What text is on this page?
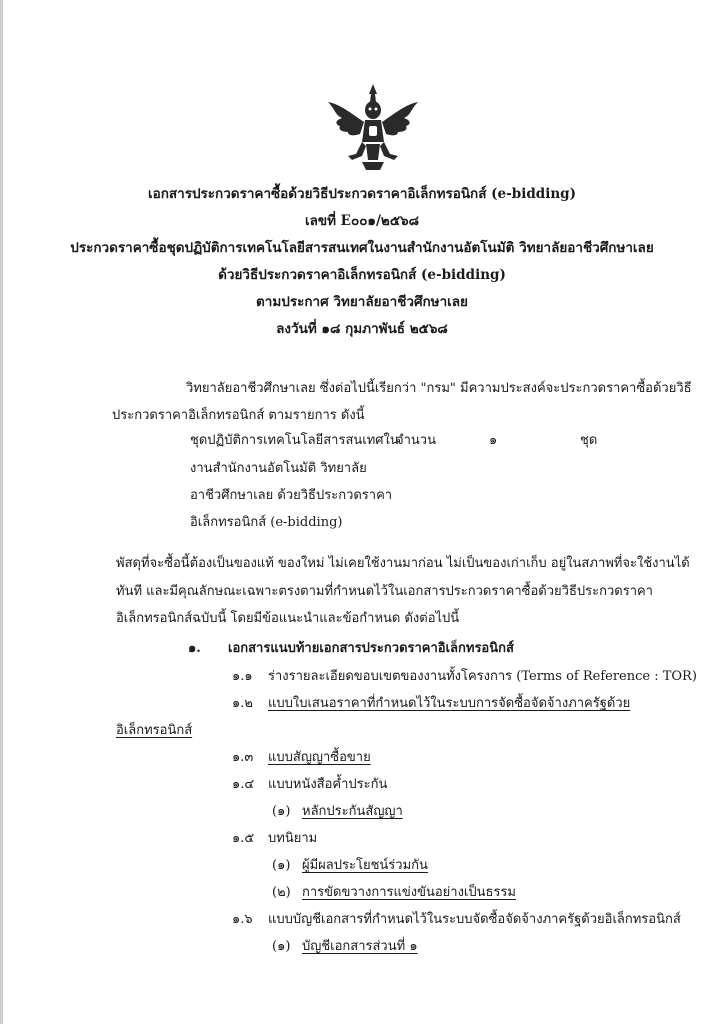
เอกสารประกวดราคาซื้อด้วยวิธีประกวดราคาอิเล็กทรอนิกส์ (e-bidding)
เลขที่ E๐๐๑/๒๕๖๘
ประกวดราคาซื้อชุดปฏิบัติการเทคโนโลยีสารสนเทศในงานสำนักงานอัตโนมัติ วิทยาลัยอาชีวศึกษาเลย
ด้วยวิธีประกวดราคาอิเล็กทรอนิกส์ (e-bidding)
ตามประกาศ วิทยาลัยอาชีวศึกษาเลย
ลงวันที่ ๑๘ กุมภาพันธ์ ๒๕๖๘
วิทยาลัยอาชีวศึกษาเลย ซึ่งต่อไปนี้เรียกว่า "กรม" มีความประสงค์จะประกวดราคาซื้อด้วยวิธี
ประกวดราคาอิเล็กทรอนิกส์ ตามรายการ ดังนี้
ชุดปฏิบัติการเทคโนโลยีสารสนเทศใน
จำนวน	๑	ชุด
งานสำนักงานอัตโนมัติ วิทยาลัย
อาชีวศึกษาเลย ด้วยวิธีประกวดราคา
อิเล็กทรอนิกส์ (e-bidding)
พัสดุที่จะซื้อนี้ต้องเป็นของแท้ ของใหม่ ไม่เคยใช้งานมาก่อน ไม่เป็นของเก่าเก็บ อยู่ในสภาพที่จะใช้งานได้
ทันที และมีคุณลักษณะเฉพาะตรงตามที่กำหนดไว้ในเอกสารประกวดราคาซื้อด้วยวิธีประกวดราคา
อิเล็กทรอนิกส์ฉบับนี้ โดยมีข้อแนะนำและข้อกำหนด ดังต่อไปนี้
๑. เอกสารแนบท้ายเอกสารประกวดราคาอิเล็กทรอนิกส์
๑.๑ ร่างรายละเอียดขอบเขตของงานทั้งโครงการ (Terms of Reference : TOR)
๑.๒ แบบใบเสนอราคาที่กำหนดไว้ในระบบการจัดซื้อจัดจ้างภาครัฐด้วย
อิเล็กทรอนิกส์
๑.๓ แบบสัญญาซื้อขาย
๑.๔ แบบหนังสือค้ำประกัน
(๑) หลักประกันสัญญา
๑.๕ บทนิยาม
(๑) ผู้มีผลประโยชน์ร่วมกัน
(๒) การขัดขวางการแข่งขันอย่างเป็นธรรม
๑.๖ แบบบัญชีเอกสารที่กำหนดไว้ในระบบจัดซื้อจัดจ้างภาครัฐด้วยอิเล็กทรอนิกส์
(๑) บัญชีเอกสารส่วนที่ ๑
